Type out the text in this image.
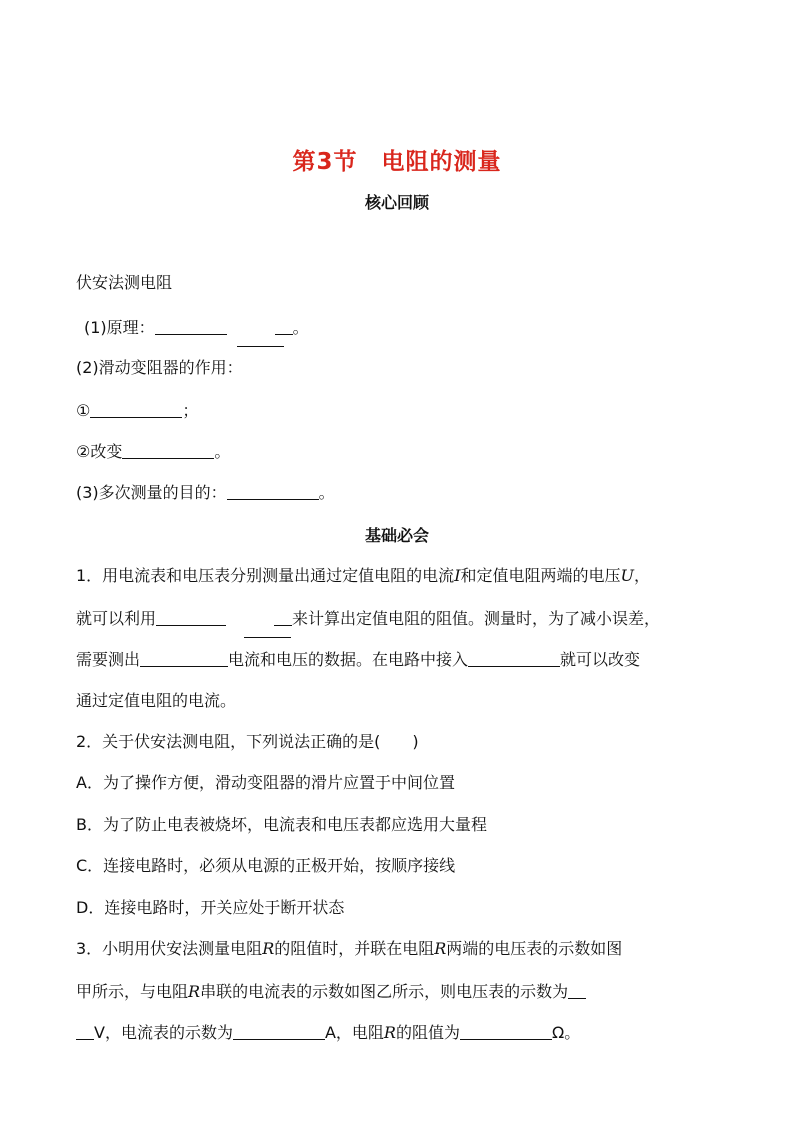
第3节　电阻的测量
核心回顾
伏安法测电阻
(1)原理：	。
(2)滑动变阻器的作用：
①	；
②改变	。
(3)多次测量的目的：	。
基础必会
1．用电流表和电压表分别测量出通过定值电阻的电流I和定值电阻两端的电压U，
就可以利用	来计算出定值电阻的阻值。测量时，为了减小误差，
需要测出	电流和电压的数据。在电路中接入	就可以改变
通过定值电阻的电流。
2．关于伏安法测电阻，下列说法正确的是(　　)
A．为了操作方便，滑动变阻器的滑片应置于中间位置
B．为了防止电表被烧坏，电流表和电压表都应选用大量程
C．连接电路时，必须从电源的正极开始，按顺序接线
D．连接电路时，开关应处于断开状态
3．小明用伏安法测量电阻R的阻值时，并联在电阻R两端的电压表的示数如图
甲所示，与电阻R串联的电流表的示数如图乙所示，则电压表的示数为
V，电流表的示数为	A，电阻R的阻值为	Ω。
